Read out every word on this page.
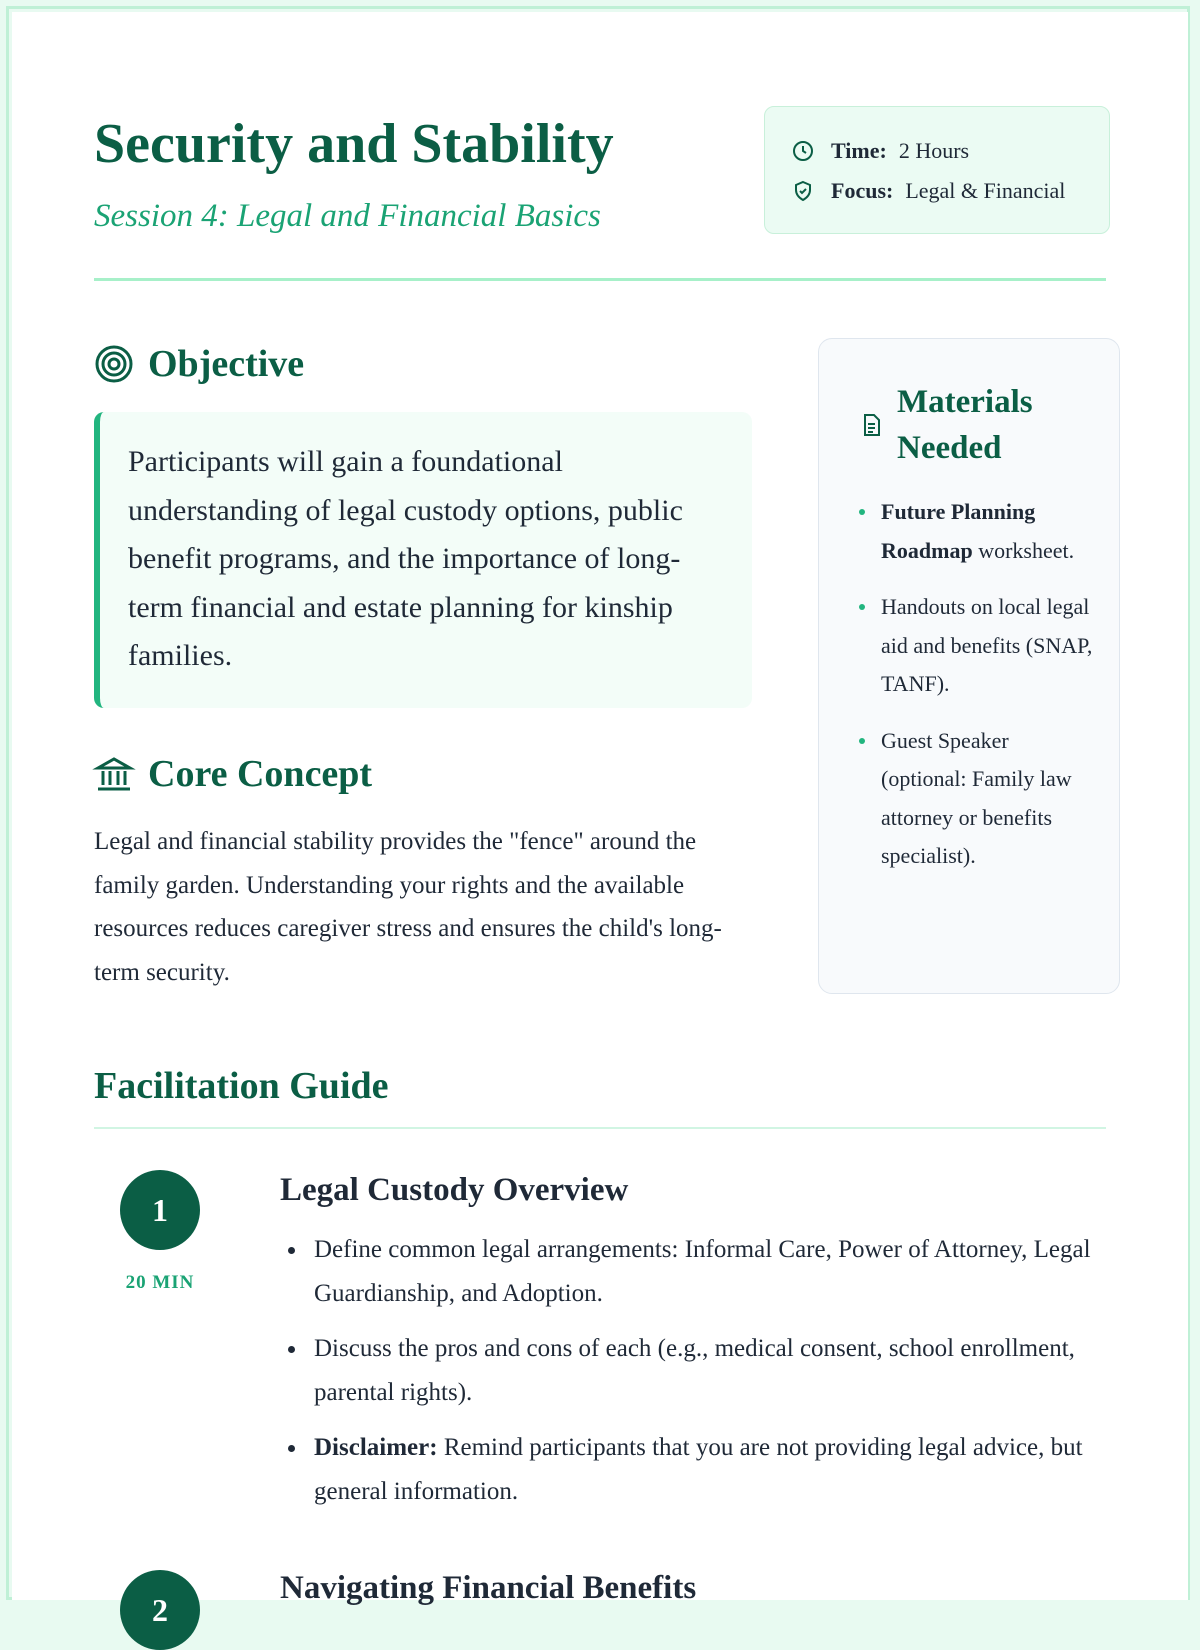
Security and Stability

Session 4: Legal and Financial Basics

Time: 2 Hours
Focus: Legal & Financial
Objective
Participants will gain a foundational understanding of legal custody options, public benefit programs, and the importance of long-term financial and estate planning for kinship families.
Core Concept

Legal and financial stability provides the "fence" around the family garden. Understanding your rights and the available resources reduces caregiver stress and ensures the child's long-term security.

Materials Needed
Future Planning Roadmap worksheet.
Handouts on local legal aid and benefits (SNAP, TANF).
Guest Speaker (optional: Family law attorney or benefits specialist).
Facilitation Guide
1
20 MIN
Legal Custody Overview
Define common legal arrangements: Informal Care, Power of Attorney, Legal Guardianship, and Adoption.
Discuss the pros and cons of each (e.g., medical consent, school enrollment, parental rights).
Disclaimer: Remind participants that you are not providing legal advice, but general information.
2
Navigating Financial Benefits
